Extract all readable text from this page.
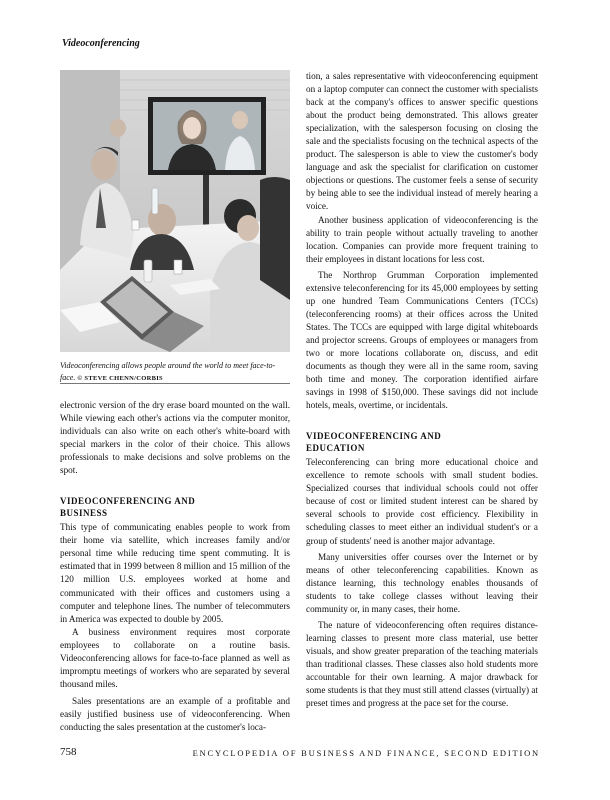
Videoconferencing
Videoconferencing allows people around the world to meet face-to-face. © STEVE CHENN/CORBIS

electronic version of the dry erase board mounted on the wall. While viewing each other's actions via the computer monitor, individuals can also write on each other's white-board with special markers in the color of their choice. This allows professionals to make decisions and solve problems on the spot.

VIDEOCONFERENCING AND
BUSINESS

This type of communicating enables people to work from their home via satellite, which increases family and/or personal time while reducing time spent commuting. It is estimated that in 1999 between 8 million and 15 million of the 120 million U.S. employees worked at home and communicated with their offices and customers using a computer and telephone lines. The number of telecommuters in America was expected to double by 2005.

A business environment requires most corporate employees to collaborate on a routine basis. Videoconferencing allows for face-to-face planned as well as impromptu meetings of workers who are separated by several thousand miles.

Sales presentations are an example of a profitable and easily justified business use of videoconferencing. When conducting the sales presentation at the customer's loca-

tion, a sales representative with videoconferencing equipment on a laptop computer can connect the customer with specialists back at the company's offices to answer specific questions about the product being demonstrated. This allows greater specialization, with the salesperson focusing on closing the sale and the specialists focusing on the technical aspects of the product. The salesperson is able to view the customer's body language and ask the specialist for clarification on customer objections or questions. The customer feels a sense of security by being able to see the individual instead of merely hearing a voice.

Another business application of videoconferencing is the ability to train people without actually traveling to another location. Companies can provide more frequent training to their employees in distant locations for less cost.

The Northrop Grumman Corporation implemented extensive teleconferencing for its 45,000 employees by setting up one hundred Team Communications Centers (TCCs) (teleconferencing rooms) at their offices across the United States. The TCCs are equipped with large digital whiteboards and projector screens. Groups of employees or managers from two or more locations collaborate on, discuss, and edit documents as though they were all in the same room, saving both time and money. The corporation identified airfare savings in 1998 of $150,000. These savings did not include hotels, meals, overtime, or incidentals.

VIDEOCONFERENCING AND
EDUCATION

Teleconferencing can bring more educational choice and excellence to remote schools with small student bodies. Specialized courses that individual schools could not offer because of cost or limited student interest can be shared by several schools to provide cost efficiency. Flexibility in scheduling classes to meet either an individual student's or a group of students' need is another major advantage.

Many universities offer courses over the Internet or by means of other teleconferencing capabilities. Known as distance learning, this technology enables thousands of students to take college classes without leaving their community or, in many cases, their home.

The nature of videoconferencing often requires distance-learning classes to present more class material, use better visuals, and show greater preparation of the teaching materials than traditional classes. These classes also hold students more accountable for their own learning. A major drawback for some students is that they must still attend classes (virtually) at preset times and progress at the pace set for the course.

758	ENCYCLOPEDIA OF BUSINESS AND FINANCE, SECOND EDITION
